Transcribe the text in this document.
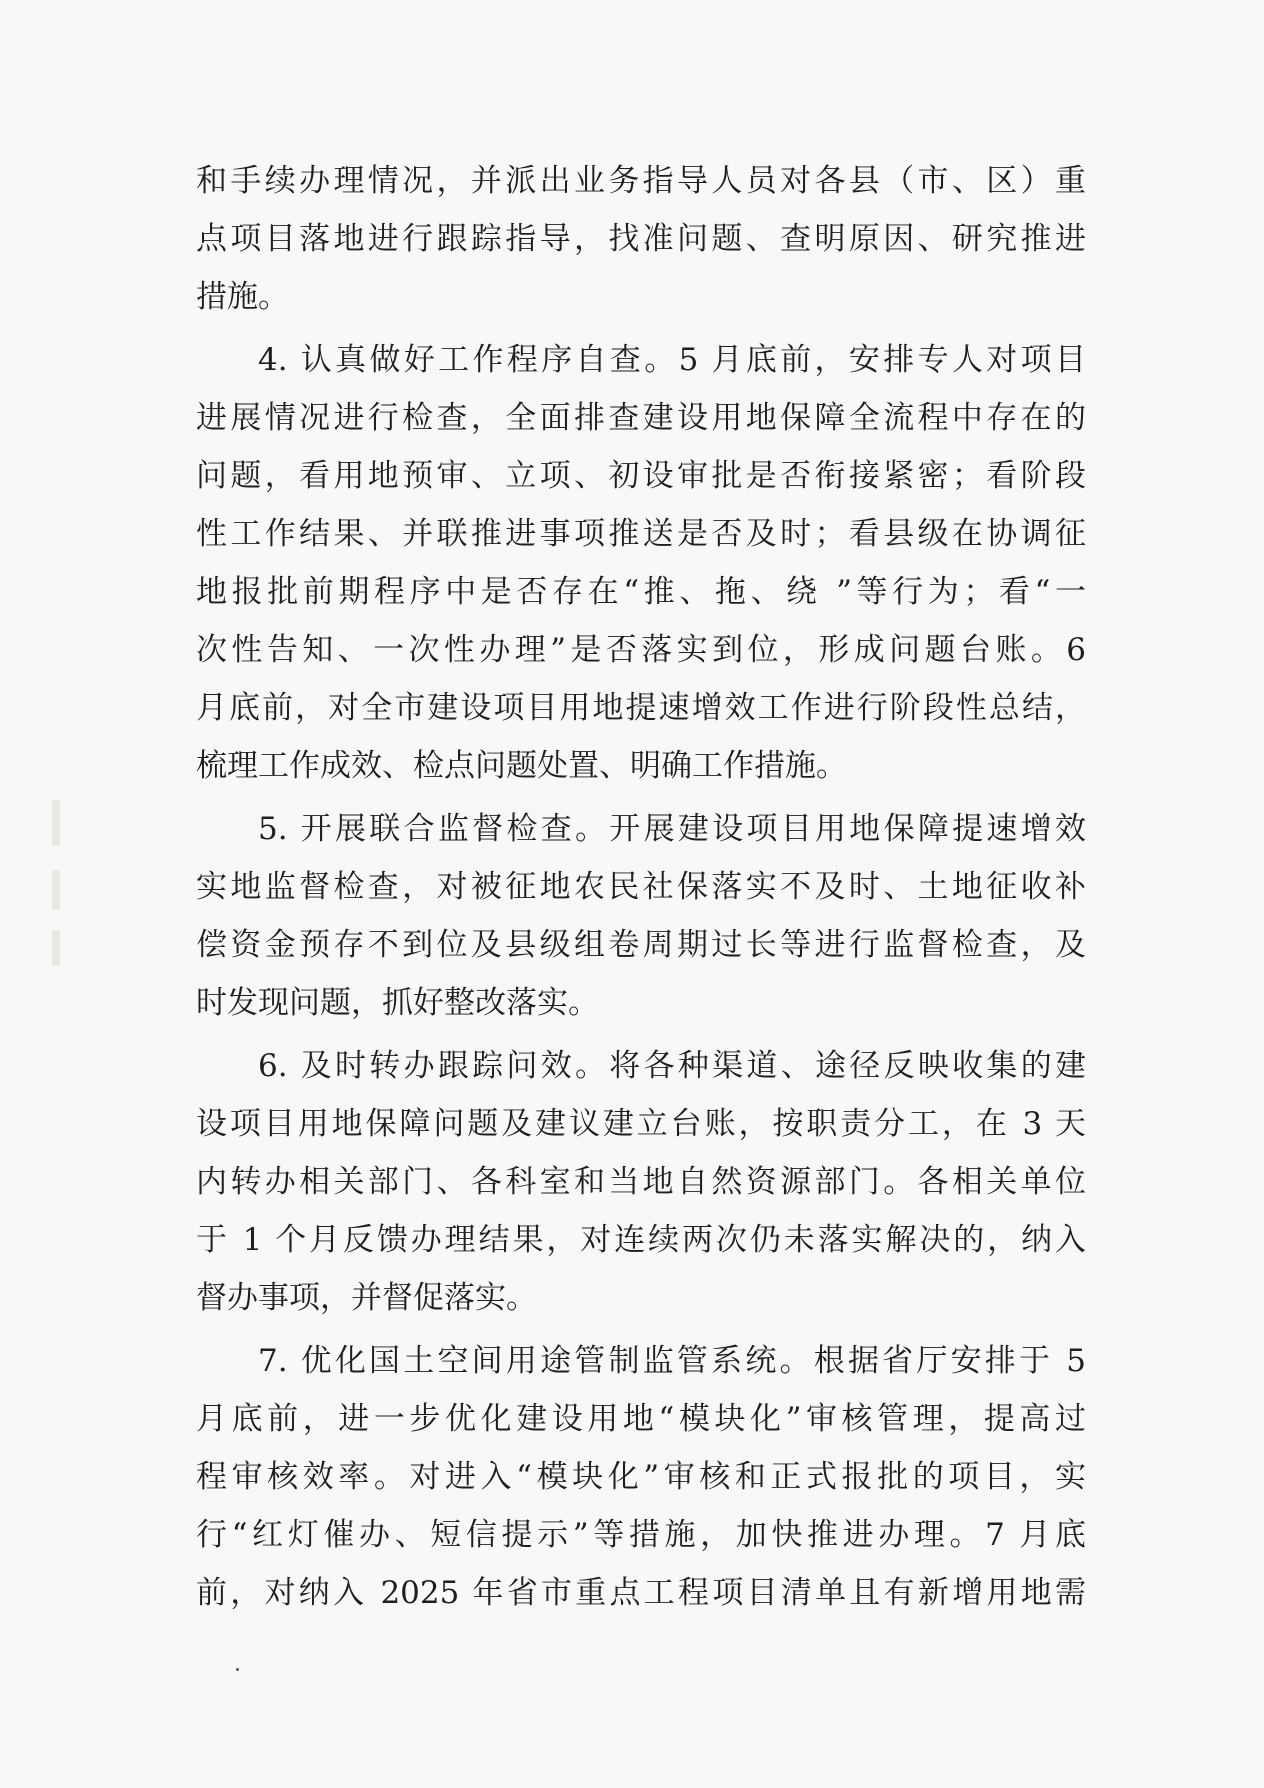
和手续办理情况，并派出业务指导人员对各县（市、区）重
点项目落地进行跟踪指导，找准问题、查明原因、研究推进
措施。
4. 认真做好工作程序自查。5 月底前，安排专人对项目
进展情况进行检查，全面排查建设用地保障全流程中存在的
问题，看用地预审、立项、初设审批是否衔接紧密；看阶段
性工作结果、并联推进事项推送是否及时；看县级在协调征
地报批前期程序中是否存在“推、拖、绕 ”等行为；看“一
次性告知、一次性办理”是否落实到位，形成问题台账。6
月底前，对全市建设项目用地提速增效工作进行阶段性总结，
梳理工作成效、检点问题处置、明确工作措施。
5. 开展联合监督检查。开展建设项目用地保障提速增效
实地监督检查，对被征地农民社保落实不及时、土地征收补
偿资金预存不到位及县级组卷周期过长等进行监督检查，及
时发现问题，抓好整改落实。
6. 及时转办跟踪问效。将各种渠道、途径反映收集的建
设项目用地保障问题及建议建立台账，按职责分工，在 3 天
内转办相关部门、各科室和当地自然资源部门。各相关单位
于 1 个月反馈办理结果，对连续两次仍未落实解决的，纳入
督办事项，并督促落实。
7. 优化国土空间用途管制监管系统。根据省厅安排于 5
月底前，进一步优化建设用地“模块化”审核管理，提高过
程审核效率。对进入“模块化”审核和正式报批的项目，实
行“红灯催办、短信提示”等措施，加快推进办理。7 月底
前，对纳入 2025 年省市重点工程项目清单且有新增用地需
